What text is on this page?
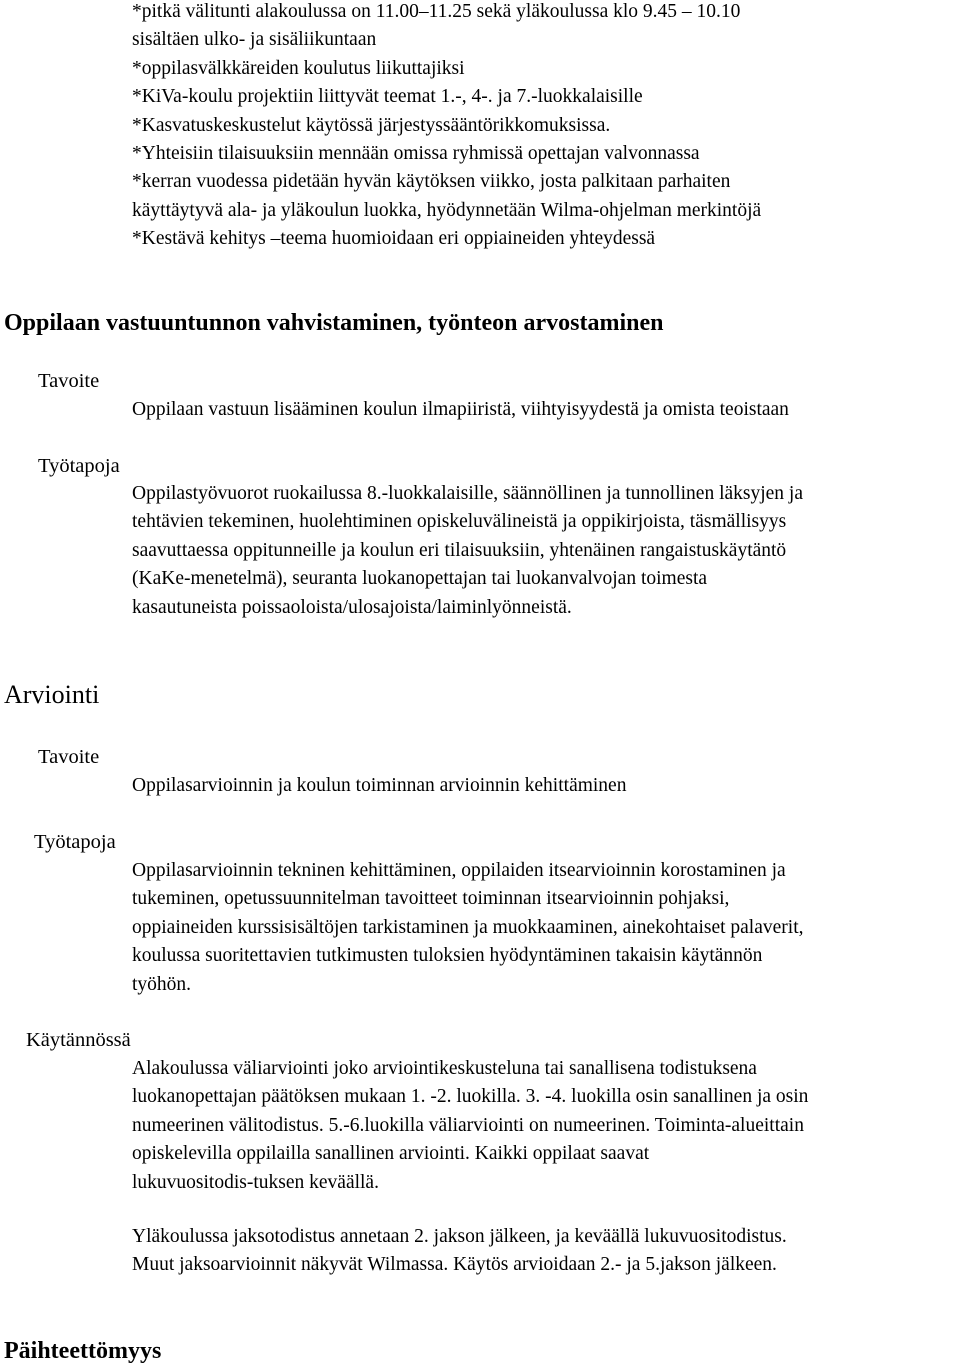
*pitkä välitunti alakoulussa on 11.00–11.25 sekä yläkoulussa klo 9.45 – 10.10
sisältäen ulko- ja sisäliikuntaan
*oppilasvälkkäreiden koulutus liikuttajiksi
*KiVa-koulu projektiin liittyvät teemat 1.-, 4-. ja 7.-luokkalaisille
*Kasvatuskeskustelut käytössä järjestyssääntörikkomuksissa.
*Yhteisiin tilaisuuksiin mennään omissa ryhmissä opettajan valvonnassa
*kerran vuodessa pidetään hyvän käytöksen viikko, josta palkitaan parhaiten
käyttäytyvä ala- ja yläkoulun luokka, hyödynnetään Wilma-ohjelman merkintöjä
*Kestävä kehitys –teema huomioidaan eri oppiaineiden yhteydessä
Oppilaan vastuuntunnon vahvistaminen, työnteon arvostaminen
Tavoite
Oppilaan vastuun lisääminen koulun ilmapiiristä, viihtyisyydestä ja omista teoistaan
Työtapoja
Oppilastyövuorot ruokailussa 8.-luokkalaisille, säännöllinen ja tunnollinen läksyjen ja
tehtävien tekeminen, huolehtiminen opiskeluvälineistä ja oppikirjoista, täsmällisyys
saavuttaessa oppitunneille ja koulun eri tilaisuuksiin, yhtenäinen rangaistuskäytäntö
(KaKe-menetelmä), seuranta luokanopettajan tai luokanvalvojan toimesta
kasautuneista poissaoloista/ulosajoista/laiminlyönneistä.
Arviointi
Tavoite
Oppilasarvioinnin ja koulun toiminnan arvioinnin kehittäminen
Työtapoja
Oppilasarvioinnin tekninen kehittäminen, oppilaiden itsearvioinnin korostaminen ja
tukeminen, opetussuunnitelman tavoitteet toiminnan itsearvioinnin pohjaksi,
oppiaineiden kurssisisältöjen tarkistaminen ja muokkaaminen, ainekohtaiset palaverit,
koulussa suoritettavien tutkimusten tuloksien hyödyntäminen takaisin käytännön
työhön.
Käytännössä
Alakoulussa väliarviointi joko arviointikeskusteluna tai sanallisena todistuksena
luokanopettajan päätöksen mukaan 1. -2. luokilla. 3. -4. luokilla osin sanallinen ja osin
numeerinen välitodistus. 5.-6.luokilla väliarviointi on numeerinen. Toiminta-alueittain
opiskelevilla oppilailla sanallinen arviointi. Kaikki oppilaat saavat
lukuvuositodis-tuksen keväällä.
Yläkoulussa jaksotodistus annetaan 2. jakson jälkeen, ja keväällä lukuvuositodistus.
Muut jaksoarvioinnit näkyvät Wilmassa. Käytös arvioidaan 2.- ja 5.jakson jälkeen.
Päihteettömyys
